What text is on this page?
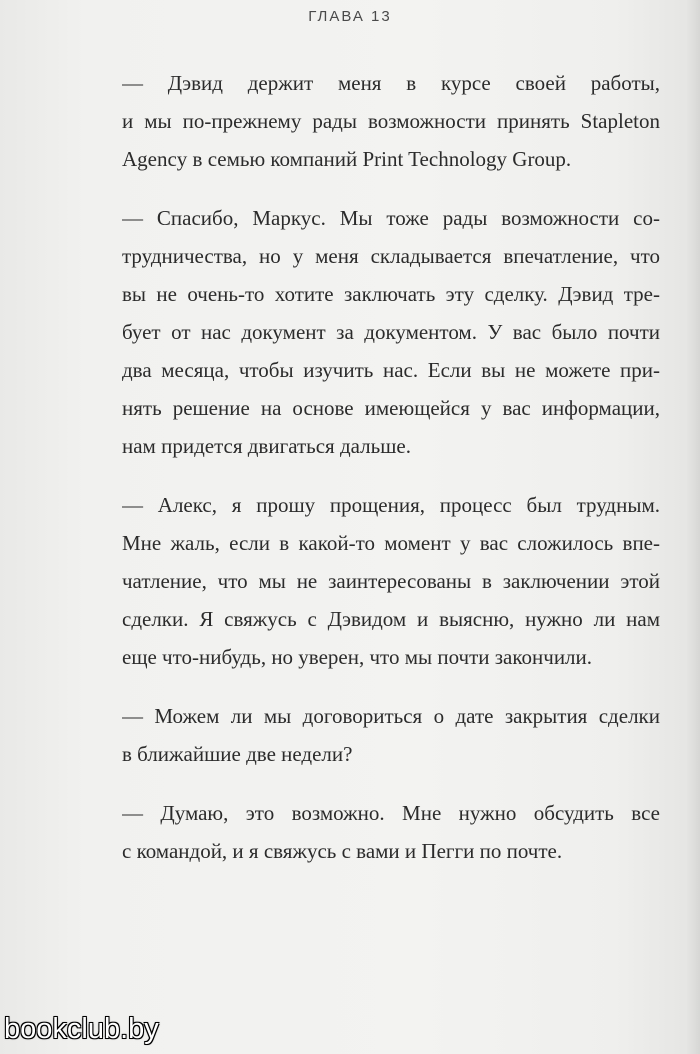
ГЛАВА 13

— Дэвид держит меня в курсе своей работы,
и мы по-прежнему рады возможности принять Stapleton
Agency в семью компаний Print Technology Group.

— Спасибо, Маркус. Мы тоже рады возможности со-
трудничества, но у меня складывается впечатление, что
вы не очень-то хотите заключать эту сделку. Дэвид тре-
бует от нас документ за документом. У вас было почти
два месяца, чтобы изучить нас. Если вы не можете при-
нять решение на основе имеющейся у вас информации,
нам придется двигаться дальше.

— Алекс, я прошу прощения, процесс был трудным.
Мне жаль, если в какой-то момент у вас сложилось впе-
чатление, что мы не заинтересованы в заключении этой
сделки. Я свяжусь с Дэвидом и выясню, нужно ли нам
еще что-нибудь, но уверен, что мы почти закончили.

— Можем ли мы договориться о дате закрытия сделки
в ближайшие две недели?

— Думаю, это возможно. Мне нужно обсудить все
с командой, и я свяжусь с вами и Пегги по почте.

bookclub.by
